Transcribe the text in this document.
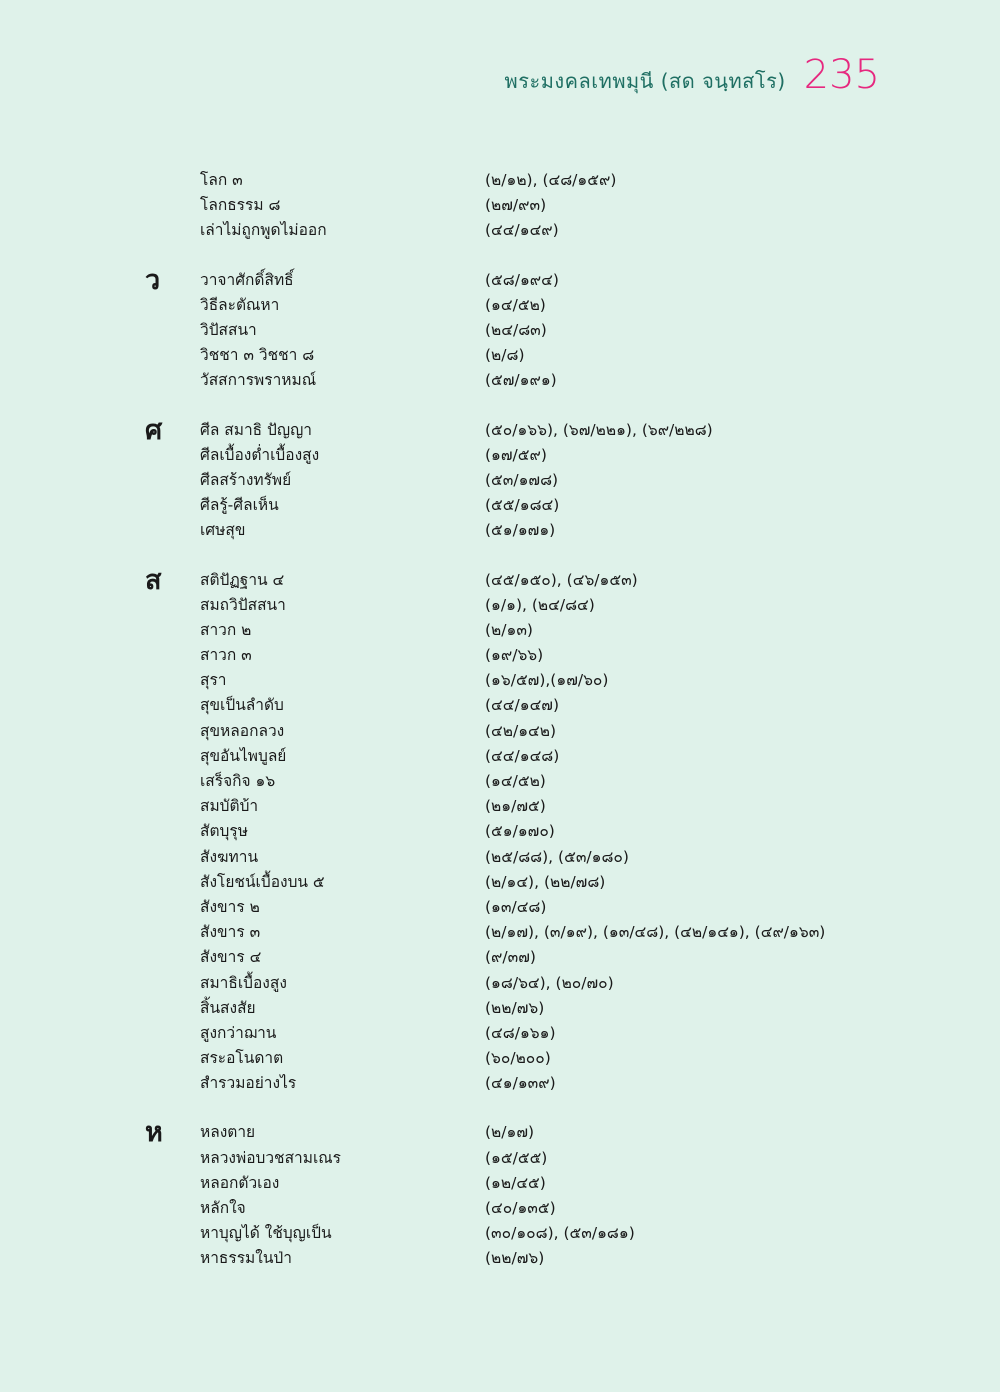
พระมงคลเทพมุนี (สด จนฺทสโร) 235
โลก ๓	(๒/๑๒), (๔๘/๑๕๙)
โลกธรรม ๘	(๒๗/๙๓)
เล่าไม่ถูกพูดไม่ออก	(๔๔/๑๔๙)
ว	วาจาศักดิ์สิทธิ์	(๕๘/๑๙๔)
วิธีละตัณหา	(๑๔/๕๒)
วิปัสสนา	(๒๔/๘๓)
วิชชา ๓ วิชชา ๘	(๒/๘)
วัสสการพราหมณ์	(๕๗/๑๙๑)
ศ	ศีล สมาธิ ปัญญา	(๕๐/๑๖๖), (๖๗/๒๒๑), (๖๙/๒๒๘)
ศีลเบื้องต่ำเบื้องสูง	(๑๗/๕๙)
ศีลสร้างทรัพย์	(๕๓/๑๗๘)
ศีลรู้-ศีลเห็น	(๕๕/๑๘๔)
เศษสุข	(๕๑/๑๗๑)
ส	สติปัฏฐาน ๔	(๔๕/๑๕๐), (๔๖/๑๕๓)
สมถวิปัสสนา	(๑/๑), (๒๔/๘๔)
สาวก ๒	(๒/๑๓)
สาวก ๓	(๑๙/๖๖)
สุรา	(๑๖/๕๗),(๑๗/๖๐)
สุขเป็นลำดับ	(๔๔/๑๔๗)
สุขหลอกลวง	(๔๒/๑๔๒)
สุขอันไพบูลย์	(๔๔/๑๔๘)
เสร็จกิจ ๑๖	(๑๔/๕๒)
สมบัติบ้า	(๒๑/๗๕)
สัตบุรุษ	(๕๑/๑๗๐)
สังฆทาน	(๒๕/๘๘), (๕๓/๑๘๐)
สังโยชน์เบื้องบน ๕	(๒/๑๔), (๒๒/๗๘)
สังขาร ๒	(๑๓/๔๘)
สังขาร ๓	(๒/๑๗), (๓/๑๙), (๑๓/๔๘), (๔๒/๑๔๑), (๔๙/๑๖๓)
สังขาร ๔	(๙/๓๗)
สมาธิเบื้องสูง	(๑๘/๖๔), (๒๐/๗๐)
สิ้นสงสัย	(๒๒/๗๖)
สูงกว่าฌาน	(๔๘/๑๖๑)
สระอโนดาต	(๖๐/๒๐๐)
สำรวมอย่างไร	(๔๑/๑๓๙)
ห	หลงตาย	(๒/๑๗)
หลวงพ่อบวชสามเณร	(๑๕/๕๕)
หลอกตัวเอง	(๑๒/๔๕)
หลักใจ	(๔๐/๑๓๕)
หาบุญได้ ใช้บุญเป็น	(๓๐/๑๐๘), (๕๓/๑๘๑)
หาธรรมในป่า	(๒๒/๗๖)
